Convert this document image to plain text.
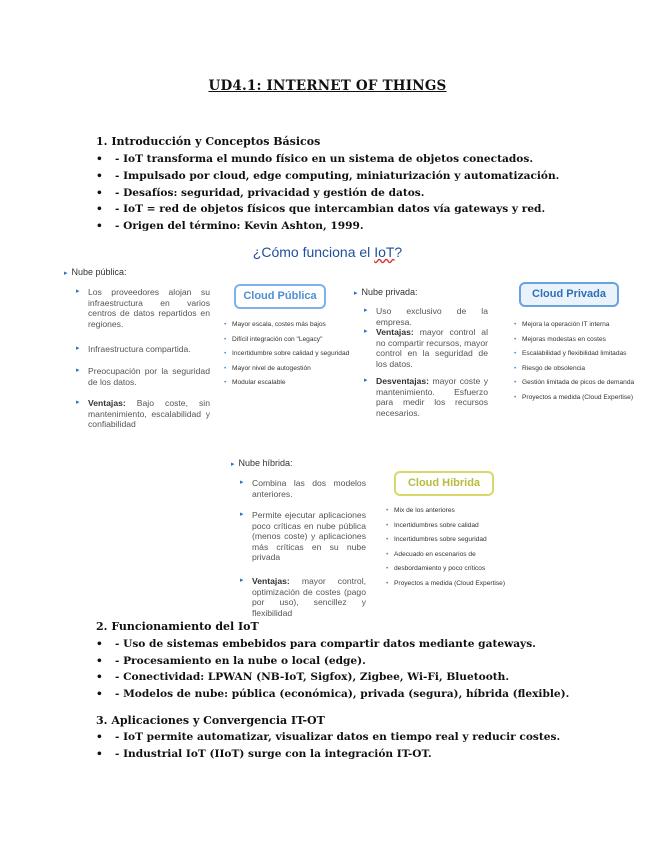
UD4.1: INTERNET OF THINGS
1. Introducción y Conceptos Básicos
• - IoT transforma el mundo físico en un sistema de objetos conectados.
• - Impulsado por cloud, edge computing, miniaturización y automatización.
• - Desafíos: seguridad, privacidad y gestión de datos.
• - IoT = red de objetos físicos que intercambian datos vía gateways y red.
• - Origen del término: Kevin Ashton, 1999.
¿Cómo funciona el IoT?
▸ Nube pública:
▸ Los proveedores alojan su infraestructura en varios centros de datos repartidos en regiones.
▸ Infraestructura compartida.
▸ Preocupación por la seguridad de los datos.
▸ Ventajas: Bajo coste, sin mantenimiento, escalabilidad y confiabilidad
Cloud Pública
• Mayor escala, costes más bajos
• Difícil integración con "Legacy"
• Incertidumbre sobre calidad y seguridad
• Mayor nivel de autogestión
• Modular escalable
▸ Nube privada:
▸ Uso exclusivo de la empresa.
▸ Ventajas: mayor control al no compartir recursos, mayor control en la seguridad de los datos.
▸ Desventajas: mayor coste y mantenimiento. Esfuerzo para medir los recursos necesarios.
Cloud Privada
• Mejora la operación IT interna
• Mejoras modestas en costes
• Escalabilidad y flexibilidad limitadas
• Riesgo de obsolencia
• Gestión limitada de picos de demanda
• Proyectos a medida (Cloud Expertise)
▸ Nube híbrida:
▸ Combina las dos modelos anteriores.
▸ Permite ejecutar aplicaciones poco críticas en nube pública (menos coste) y aplicaciones más críticas en su nube privada
▸ Ventajas: mayor control, optimización de costes (pago por uso), sencillez y flexibilidad
Cloud Híbrida
• Mix de los anteriores
• Incertidumbres sobre calidad
• Incertidumbres sobre seguridad
• Adecuado en escenarios de
• desbordamiento y poco críticos
• Proyectos a medida (Cloud Expertise)
2. Funcionamiento del IoT
• - Uso de sistemas embebidos para compartir datos mediante gateways.
• - Procesamiento en la nube o local (edge).
• - Conectividad: LPWAN (NB-IoT, Sigfox), Zigbee, Wi-Fi, Bluetooth.
• - Modelos de nube: pública (económica), privada (segura), híbrida (flexible).
3. Aplicaciones y Convergencia IT-OT
• - IoT permite automatizar, visualizar datos en tiempo real y reducir costes.
• - Industrial IoT (IIoT) surge con la integración IT-OT.
